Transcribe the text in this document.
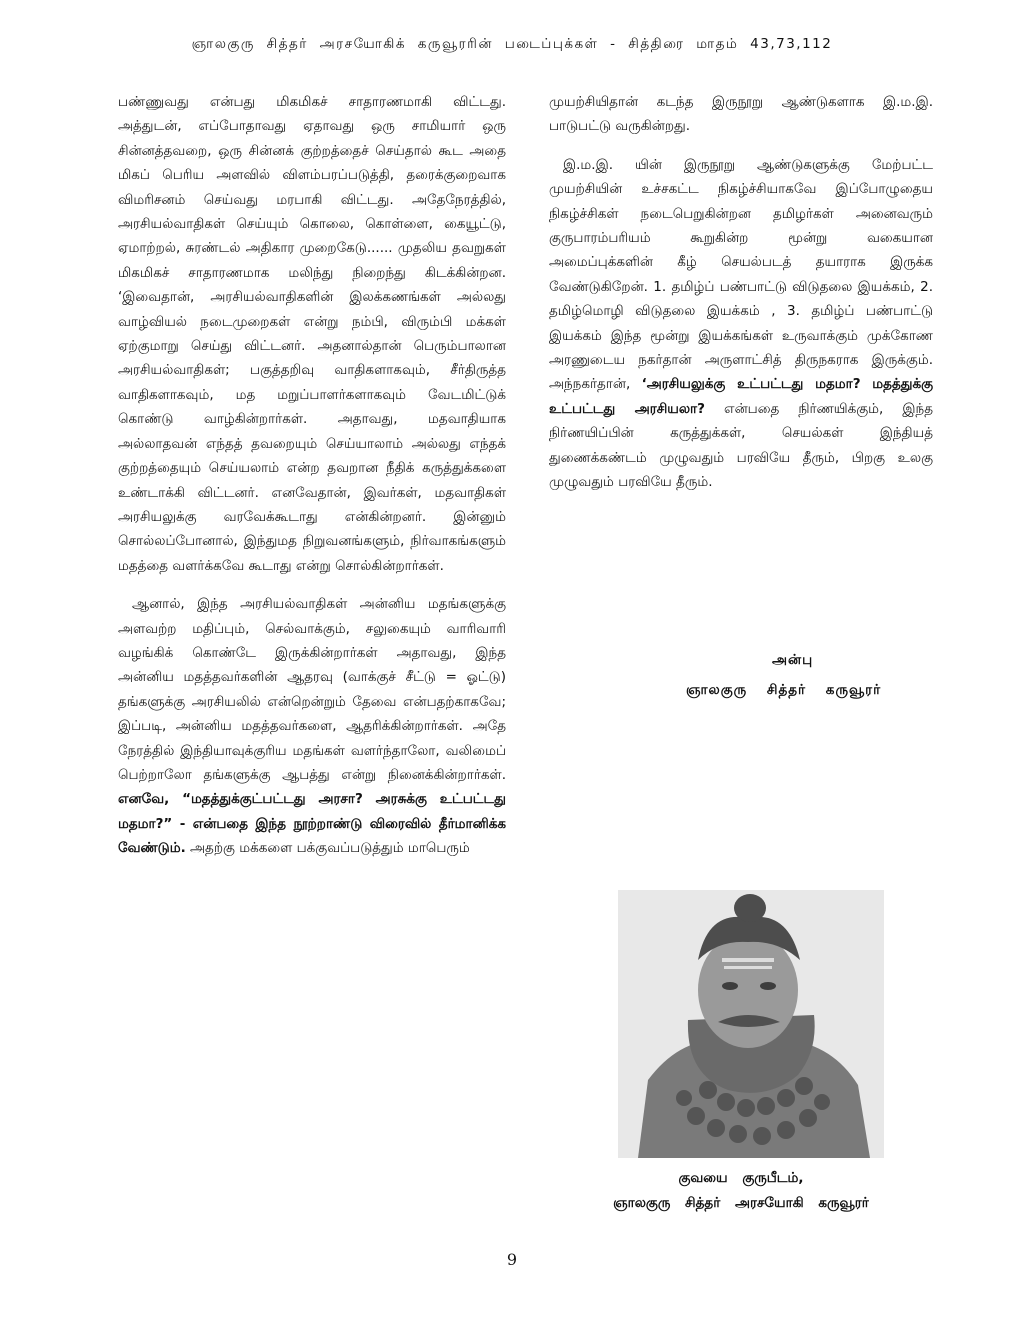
ஞாலகுரு சித்தர் அரசயோகிக் கருவூரரின் படைப்புக்கள் - சித்திரை மாதம் 43,73,112

பண்ணுவது என்பது மிகமிகச் சாதாரணமாகி விட்டது. அத்துடன், எப்போதாவது ஏதாவது ஒரு சாமியார் ஒரு சின்னத்தவறை, ஒரு சின்னக் குற்றத்தைச் செய்தால் கூட அதை மிகப் பெரிய அளவில் விளம்பரப்படுத்தி, தரைக்குறைவாக விமரிசனம் செய்வது மரபாகி விட்டது. அதேநேரத்தில், அரசியல்வாதிகள் செய்யும் கொலை, கொள்ளை, கையூட்டு, ஏமாற்றல், சுரண்டல் அதிகார முறைகேடு...... முதலிய தவறுகள் மிகமிகச் சாதாரணமாக மலிந்து நிறைந்து கிடக்கின்றன. ‘இவைதான், அரசியல்வாதிகளின் இலக்கணங்கள் அல்லது வாழ்வியல் நடைமுறைகள் என்று நம்பி, விரும்பி மக்கள் ஏற்குமாறு செய்து விட்டனர். அதனால்தான் பெரும்பாலான அரசியல்வாதிகள்; பகுத்தறிவு வாதிகளாகவும், சீர்திருத்த வாதிகளாகவும், மத மறுப்பாளர்களாகவும் வேடமிட்டுக் கொண்டு வாழ்கின்றார்கள். அதாவது, மதவாதியாக அல்லாதவன் எந்தத் தவறையும் செய்யாலாம் அல்லது எந்தக் குற்றத்தையும் செய்யலாம் என்ற தவறான நீதிக் கருத்துக்களை உண்டாக்கி விட்டனர். எனவேதான், இவர்கள், மதவாதிகள் அரசியலுக்கு வரவேக்கூடாது என்கின்றனர். இன்னும் சொல்லப்போனால், இந்துமத நிறுவனங்களும், நிர்வாகங்களும் மதத்தை வளர்க்கவே கூடாது என்று சொல்கின்றார்கள்.

ஆனால், இந்த அரசியல்வாதிகள் அன்னிய மதங்களுக்கு அளவற்ற மதிப்பும், செல்வாக்கும், சலுகையும் வாரிவாரி வழங்கிக் கொண்டே இருக்கின்றார்கள் அதாவது, இந்த அன்னிய மதத்தவர்களின் ஆதரவு (வாக்குச் சீட்டு = ஓட்டு) தங்களுக்கு அரசியலில் என்றென்றும் தேவை என்பதற்காகவே; இப்படி, அன்னிய மதத்தவர்களை, ஆதரிக்கின்றார்கள். அதே நேரத்தில் இந்தியாவுக்குரிய மதங்கள் வளர்ந்தாலோ, வலிமைப் பெற்றாலோ தங்களுக்கு ஆபத்து என்று நினைக்கின்றார்கள். எனவே, “மதத்துக்குட்பட்டது அரசா? அரசுக்கு உட்பட்டது மதமா?” - என்பதை இந்த நூற்றாண்டு விரைவில் தீர்மானிக்க வேண்டும். அதற்கு மக்களை பக்குவப்படுத்தும் மாபெரும்

முயற்சியிதான் கடந்த இருநூறு ஆண்டுகளாக இ.ம.இ. பாடுபட்டு வருகின்றது.

இ.ம.இ. யின் இருநூறு ஆண்டுகளுக்கு மேற்பட்ட முயற்சியின் உச்சகட்ட நிகழ்ச்சியாகவே இப்போழுதைய நிகழ்ச்சிகள் நடைபெறுகின்றன தமிழர்கள் அனைவரும் குருபாரம்பரியம் கூறுகின்ற மூன்று வகையான அமைப்புக்களின் கீழ் செயல்படத் தயாராக இருக்க வேண்டுகிறேன். 1. தமிழ்ப் பண்பாட்டு விடுதலை இயக்கம், 2. தமிழ்மொழி விடுதலை இயக்கம் , 3. தமிழ்ப் பண்பாட்டு இயக்கம் இந்த மூன்று இயக்கங்கள் உருவாக்கும் முக்கோண அரணுடைய நகர்தான் அருளாட்சித் திருநகராக இருக்கும். அந்நகர்தான், ‘அரசியலுக்கு உட்பட்டது மதமா? மதத்துக்கு உட்பட்டது அரசியலா? என்பதை நிர்ணயிக்கும், இந்த நிர்ணயிப்பின் கருத்துக்கள், செயல்கள் இந்தியத் துணைக்கண்டம் முழுவதும் பரவியே தீரும், பிறகு உலகு முழுவதும் பரவியே தீரும்.

அன்பு
ஞாலகுரு சித்தர் கருவூரர்
குவயை குருபீடம்,
ஞாலகுரு சித்தர் அரசயோகி கருவூரர்
9
